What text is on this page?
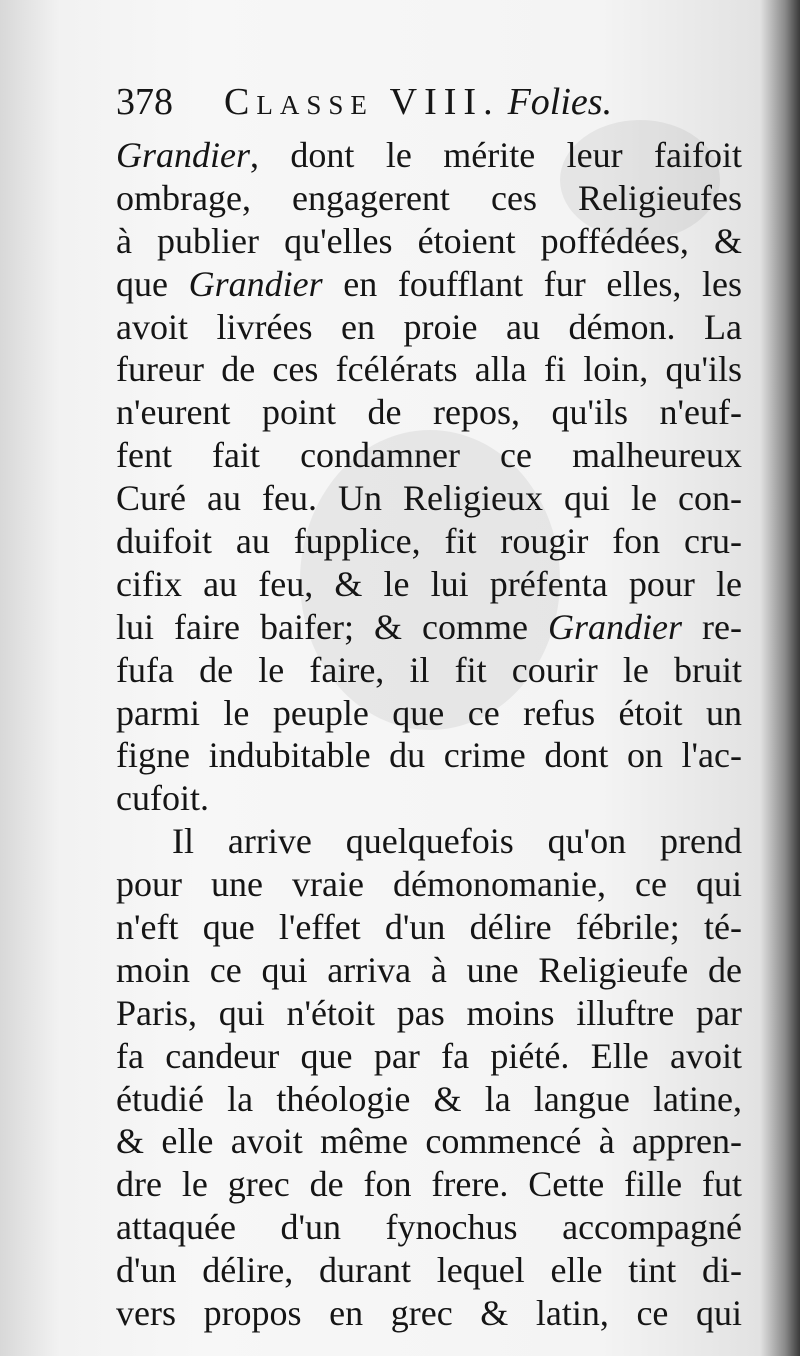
378 Classe VIII. Folies.
Grandier, dont le mérite leur faifoit
ombrage, engagerent ces Religieufes
à publier qu'elles étoient poffédées, &
que Grandier en foufflant fur elles, les
avoit livrées en proie au démon. La
fureur de ces fcélérats alla fi loin, qu'ils
n'eurent point de repos, qu'ils n'euf-
fent fait condamner ce malheureux
Curé au feu. Un Religieux qui le con-
duifoit au fupplice, fit rougir fon cru-
cifix au feu, & le lui préfenta pour le
lui faire baifer; & comme Grandier re-
fufa de le faire, il fit courir le bruit
parmi le peuple que ce refus étoit un
figne indubitable du crime dont on l'ac-
cufoit.
Il arrive quelquefois qu'on prend
pour une vraie démonomanie, ce qui
n'eft que l'effet d'un délire fébrile; té-
moin ce qui arriva à une Religieufe de
Paris, qui n'étoit pas moins illuftre par
fa candeur que par fa piété. Elle avoit
étudié la théologie & la langue latine,
& elle avoit même commencé à appren-
dre le grec de fon frere. Cette fille fut
attaquée d'un fynochus accompagné
d'un délire, durant lequel elle tint di-
vers propos en grec & latin, ce qui
